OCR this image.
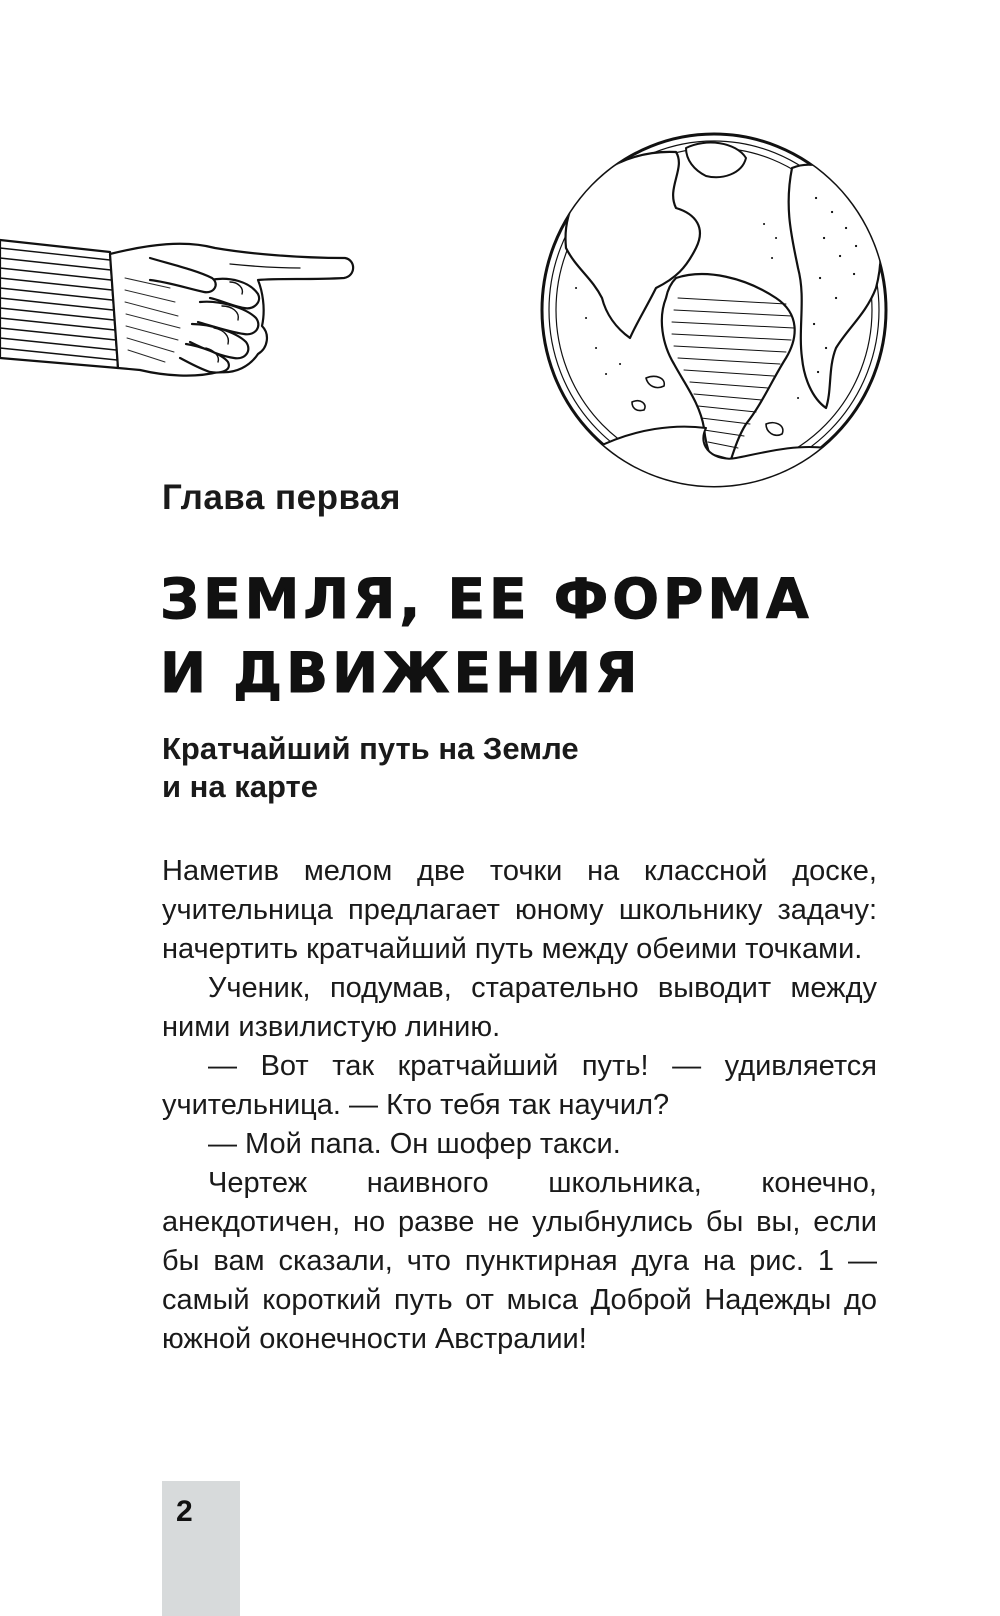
Глава первая
ЗЕМЛЯ, ЕЕ ФОРМА
И ДВИЖЕНИЯ
Кратчайший путь на Земле
и на карте

Наметив мелом две точки на классной доске, учительница предлагает юному школьнику задачу: начертить кратчайший путь между обеими точками.

Ученик, подумав, старательно выводит между ними извилистую линию.

— Вот так кратчайший путь! — удивляется учительница. — Кто тебя так научил?

— Мой папа. Он шофер такси.

Чертеж наивного школьника, конечно, анекдотичен, но разве не улыбнулись бы вы, если бы вам сказали, что пунктирная дуга на рис. 1 — самый короткий путь от мыса Доброй Надежды до южной оконечности Австралии!

2
